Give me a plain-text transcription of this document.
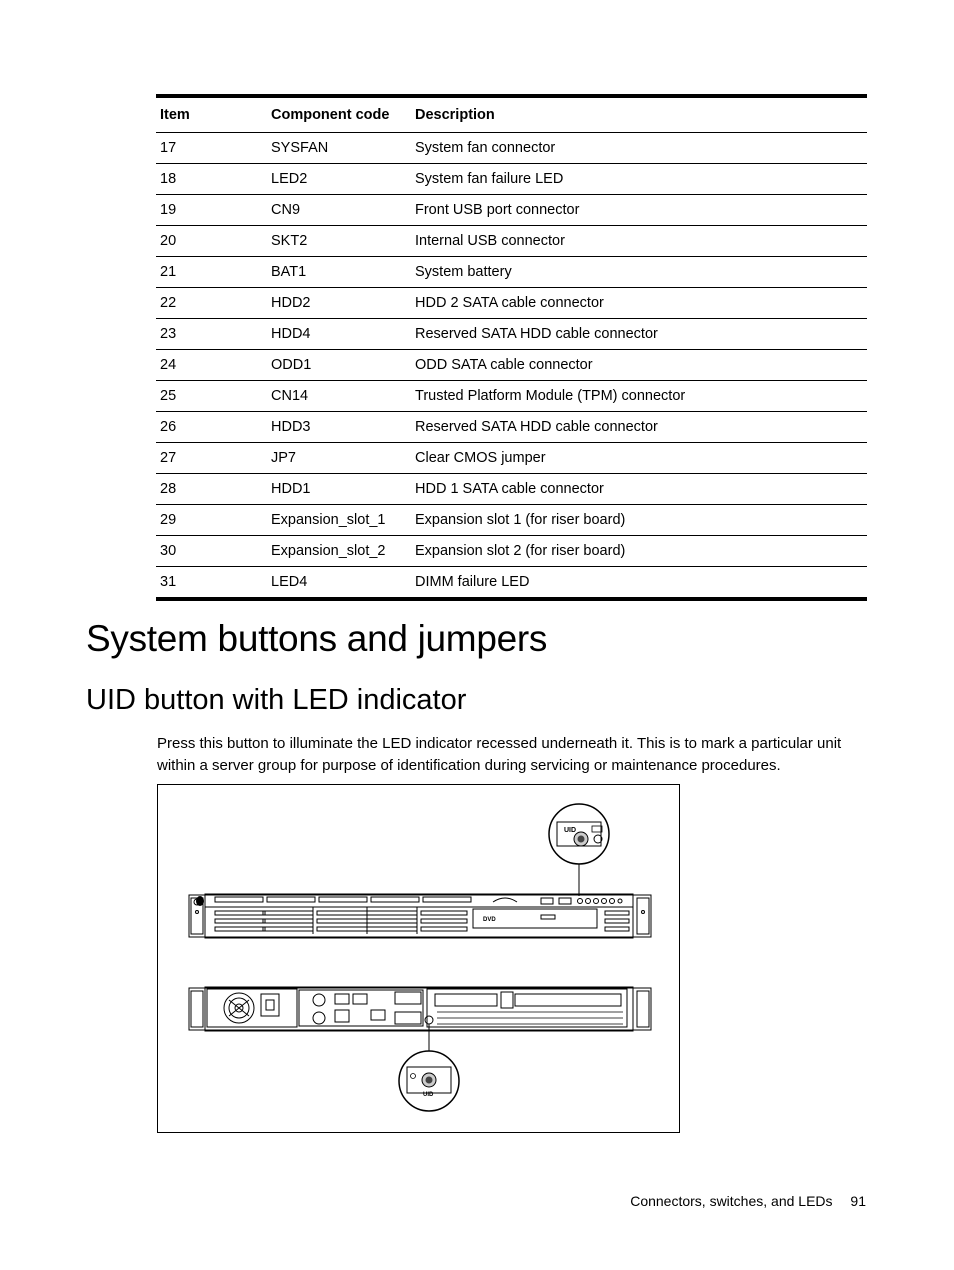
Item	Component code	Description
17	SYSFAN	System fan connector
18	LED2	System fan failure LED
19	CN9	Front USB port connector
20	SKT2	Internal USB connector
21	BAT1	System battery
22	HDD2	HDD 2 SATA cable connector
23	HDD4	Reserved SATA HDD cable connector
24	ODD1	ODD SATA cable connector
25	CN14	Trusted Platform Module (TPM) connector
26	HDD3	Reserved SATA HDD cable connector
27	JP7	Clear CMOS jumper
28	HDD1	HDD 1 SATA cable connector
29	Expansion_slot_1	Expansion slot 1 (for riser board)
30	Expansion_slot_2	Expansion slot 2 (for riser board)
31	LED4	DIMM failure LED
System buttons and jumpers
UID button with LED indicator

Press this button to illuminate the LED indicator recessed underneath it. This is to mark a particular unit within a server group for purpose of identification during servicing or maintenance procedures.

DVD
UID
UID
Connectors, switches, and LEDs 91
